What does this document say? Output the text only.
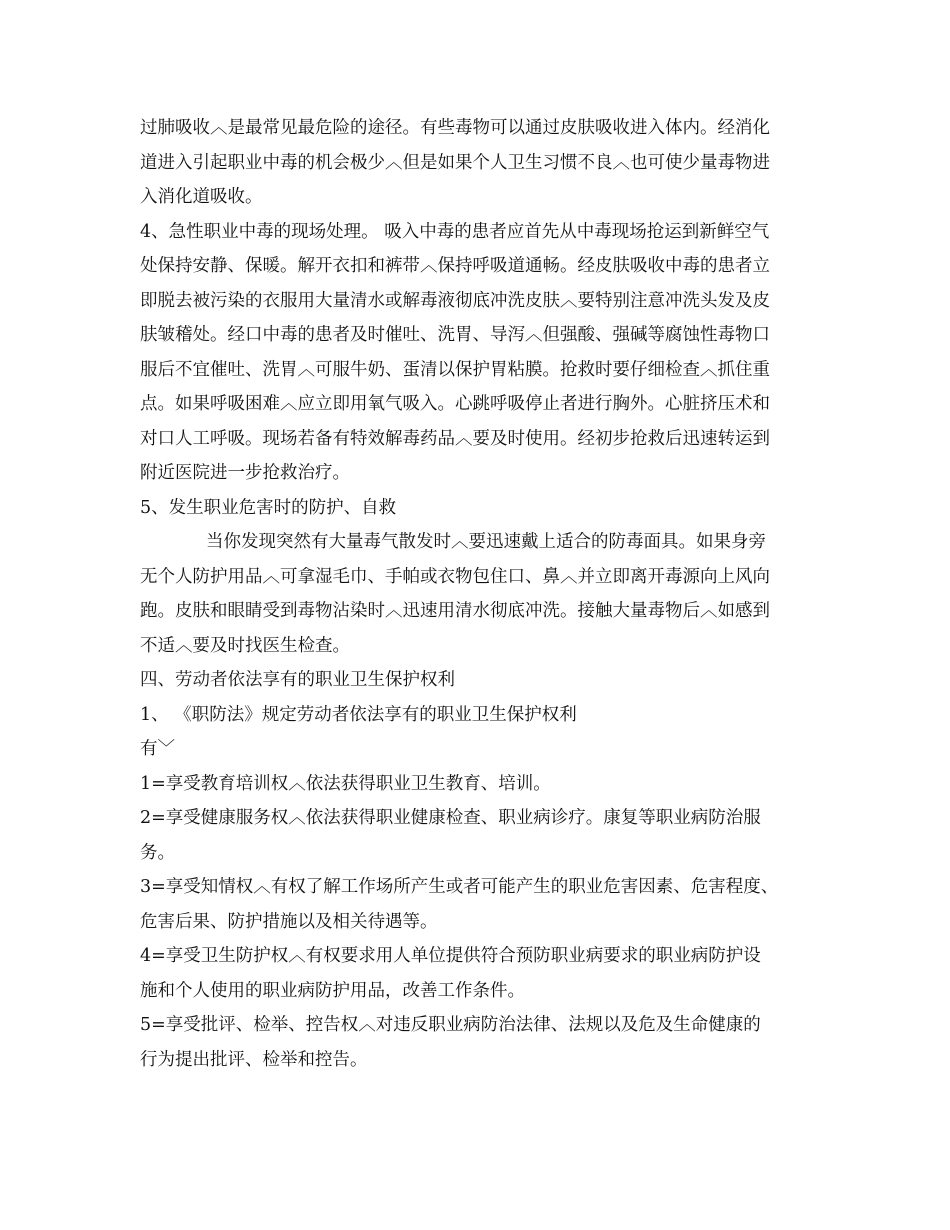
过肺吸收︿是最常见最危险的途径。有些毒物可以通过皮肤吸收进入体内。经消化
道进入引起职业中毒的机会极少︿但是如果个人卫生习惯不良︿也可使少量毒物进
入消化道吸收。
4、急性职业中毒的现场处理。 吸入中毒的患者应首先从中毒现场抢运到新鲜空气
处保持安静、保暖。解开衣扣和裤带︿保持呼吸道通畅。经皮肤吸收中毒的患者立
即脱去被污染的衣服用大量清水或解毒液彻底冲洗皮肤︿要特别注意冲洗头发及皮
肤皱稽处。经口中毒的患者及时催吐、洗胃、导泻︿但强酸、强碱等腐蚀性毒物口
服后不宜催吐、洗胃︿可服牛奶、蛋清以保护胃粘膜。抢救时要仔细检查︿抓住重
点。如果呼吸困难︿应立即用氧气吸入。心跳呼吸停止者进行胸外。心脏挤压术和
对口人工呼吸。现场若备有特效解毒药品︿要及时使用。经初步抢救后迅速转运到
附近医院进一步抢救治疗。
5、发生职业危害时的防护、自救
当你发现突然有大量毒气散发时︿要迅速戴上适合的防毒面具。如果身旁
无个人防护用品︿可拿湿毛巾、手帕或衣物包住口、鼻︿并立即离开毒源向上风向
跑。皮肤和眼睛受到毒物沾染时︿迅速用清水彻底冲洗。接触大量毒物后︿如感到
不适︿要及时找医生检查。
四、劳动者依法享有的职业卫生保护权利
1、 《职防法》规定劳动者依法享有的职业卫生保护权利
有﹀
1=享受教育培训权︿依法获得职业卫生教育、培训。
2=享受健康服务权︿依法获得职业健康检查、职业病诊疗。康复等职业病防治服
务。
3=享受知情权︿有权了解工作场所产生或者可能产生的职业危害因素、危害程度、
危害后果、防护措施以及相关待遇等。
4=享受卫生防护权︿有权要求用人单位提供符合预防职业病要求的职业病防护设
施和个人使用的职业病防护用品，改善工作条件。
5=享受批评、检举、控告权︿对违反职业病防治法律、法规以及危及生命健康的
行为提出批评、检举和控告。
